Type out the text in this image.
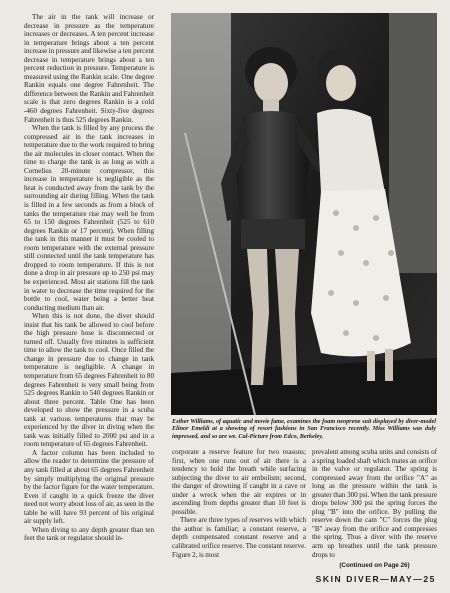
The air in the tank will increase or decrease in pressure as the temperature increases or decreases. A ten percent increase in temperature brings about a ten percent increase in pressure and likewise a ten percent decrease in temperature brings about a ten percent reduction in pressure. Temperature is measured using the Rankin scale. One degree Rankin equals one degree Fahrenheit. The difference between the Rankin and Fahrenheit scale is that zero degrees Rankin is a cold -460 degrees Fahrenheit. Sixty-five degrees Fahrenheit is thus 525 degrees Rankin.

When the tank is filled by any process the compressed air in the tank increases in temperature due to the work required to bring the air molecules in closer contact. When the time to charge the tank is as long as with a Cornelius 20-minute compressor, this increase in temperature is negligible as the heat is conducted away from the tank by the surrounding air during filling. When the tank is filled in a few seconds as from a block of tanks the temperature rise may well be from 65 to 150 degrees Fahrenheit (525 to 610 degrees Rankin or 17 percent). When filling the tank in this manner it must be cooled to room temperature with the external pressure still connected until the tank temperature has dropped to room temperature. If this is not done a drop in air pressure up to 250 psi may be experienced. Most air stations fill the tank in water to decrease the time required for the bottle to cool, water being a better heat conducting medium than air.

When this is not done, the diver should insist that his tank be allowed to cool before the high pressure hose is disconnected or turned off. Usually five minutes is sufficient time to allow the tank to cool. Once filled the change in pressure due to change in tank temperature is negligible. A change in temperature from 65 degrees Fahrenheit to 80 degrees Fahrenheit is very small being from 525 degrees Rankin to 540 degrees Rankin or about three percent. Table One has been developed to show the pressure in a scuba tank at various temperatures that may be experienced by the diver in diving when the tank was initially filled to 2000 psi and in a room temperature of 65 degrees Fahrenheit.

A factor column has been included to allow the reader to determine the pressure of any tank filled at about 65 degrees Fahrenheit by simply multiplying the original pressure by the factor figure for the water temperature. Even if caught in a quick freeze the diver need not worry about loss of air, as seen in the table he will have 93 percent of his original air supply left.

When diving to any depth greater than ten feet the tank or regulator should in-

Esther Williams, of aquatic and movie fame, examines the foam neoprene suit displayed by diver-model Elinor Emeldi at a showing of resort fashions in San Francisco recently. Miss Williams was duly impressed, and so are we. Cal-Picture from Edco, Berkeley.

corporate a reserve feature for two reasons; first, when one runs out of air there is a tendency to hold the breath while surfacing subjecting the diver to air embolism; second, the danger of drowning if caught in a cave or under a wreck when the air expires or in ascending from depths greater than 10 feet is possible.

There are three types of reserves with which the author is familiar; a constant reserve, a depth compensated constant reserve and a calibrated orifice reserve. The constant reserve. Figure 2, is most

prevalent among scuba units and consists of a spring loaded shaft which mates an orifice in the valve or regulator. The spring is compressed away from the orifice "A" as long as the pressure within the tank is greater than 300 psi. When the tank pressure drops below 300 psi the spring forces the plug "B" into the orifice. By pulling the reserve down the cam "C" forces the plug "B" away from the orifice and compresses the spring. Thus a diver with the reserve arm up breathes until the tank pressure drops to

(Continued on Page 26)
SKIN DIVER—MAY—25
